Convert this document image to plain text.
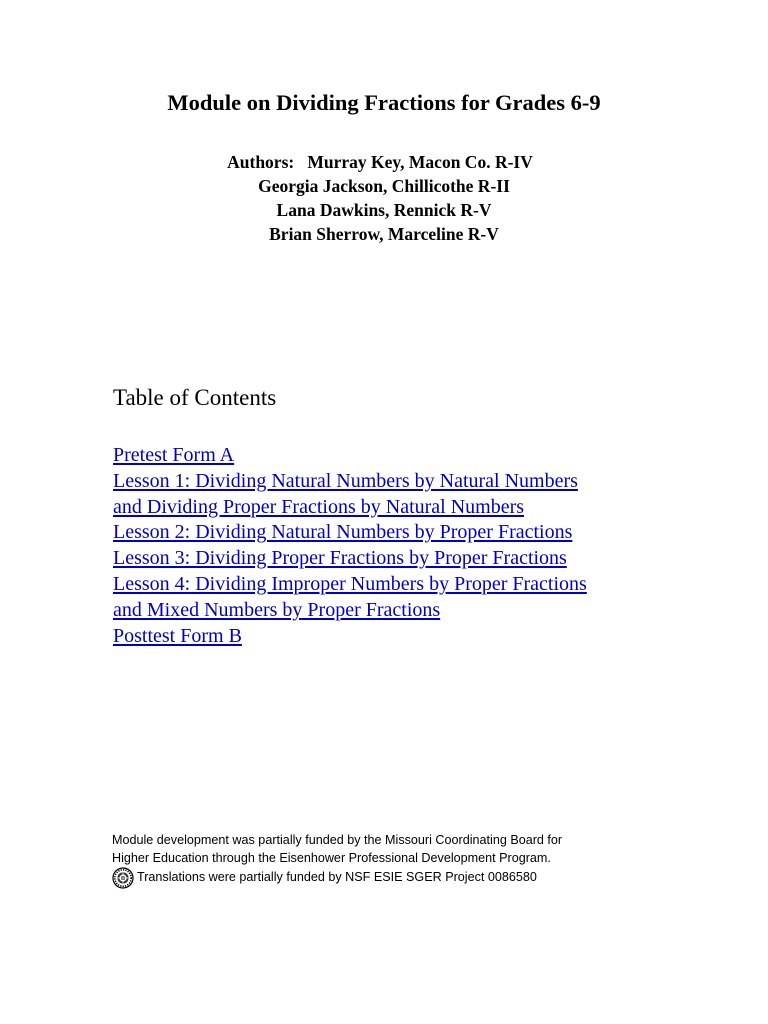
Module on Dividing Fractions for Grades 6-9
Authors:   Murray Key, Macon Co. R-IV
Georgia Jackson, Chillicothe R-II
Lana Dawkins, Rennick R-V
Brian Sherrow, Marceline R-V
Table of Contents
Pretest Form A
Lesson 1: Dividing Natural Numbers by Natural Numbers
and Dividing Proper Fractions by Natural Numbers
Lesson 2: Dividing Natural Numbers by Proper Fractions
Lesson 3: Dividing Proper Fractions by Proper Fractions
Lesson 4: Dividing Improper Numbers by Proper Fractions
and Mixed Numbers by Proper Fractions
Posttest Form B
Module development was partially funded by the Missouri Coordinating Board for
Higher Education through the Eisenhower Professional Development Program.
Translations were partially funded by NSF ESIE SGER Project 0086580
